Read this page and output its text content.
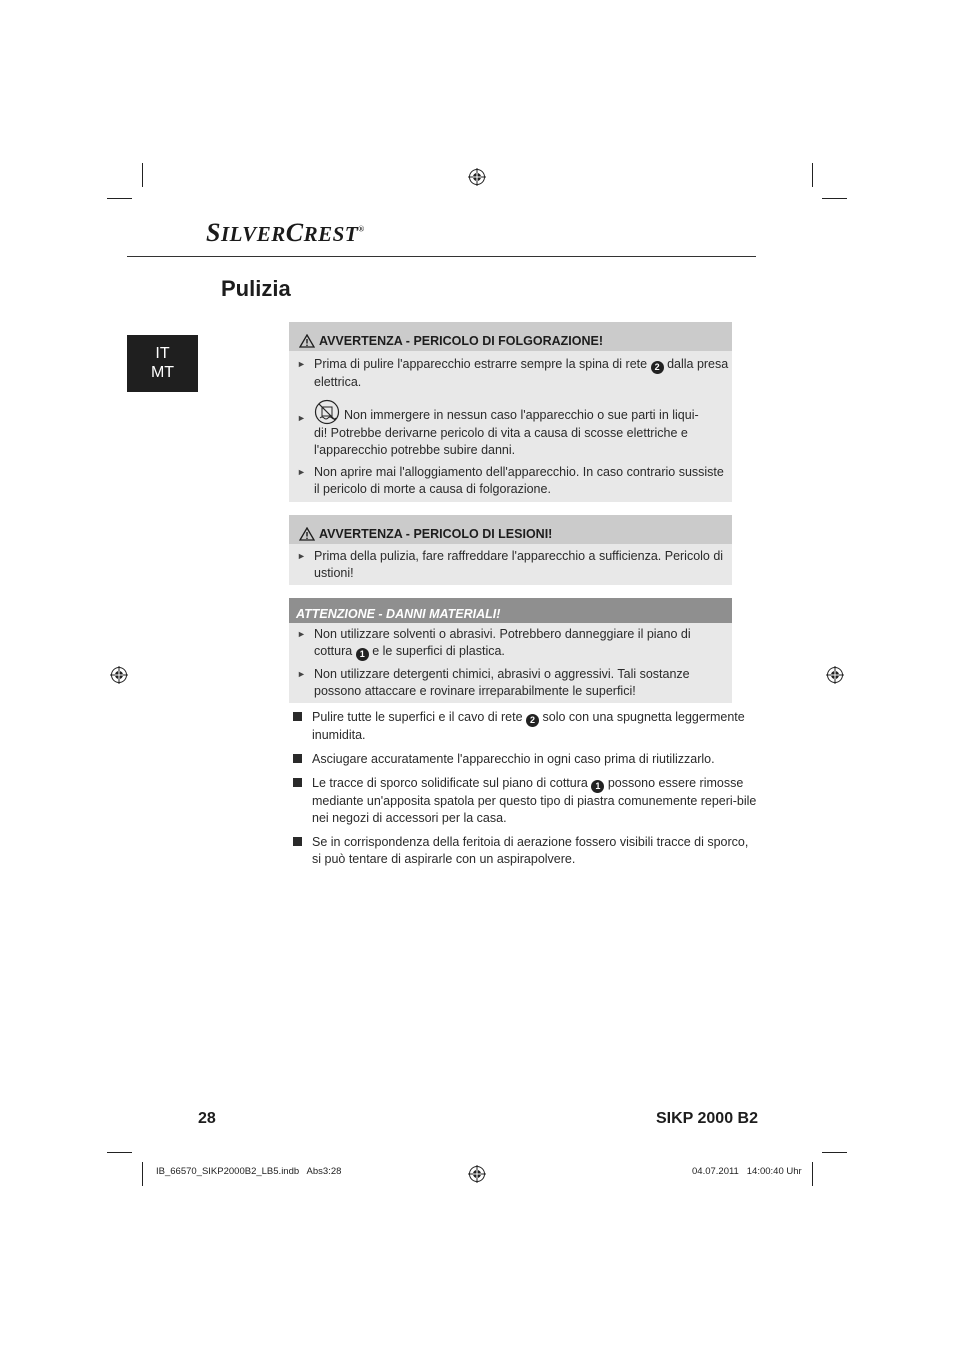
SILVERCREST®
Pulizia
IT
MT
AVVERTENZA - PERICOLO DI FOLGORAZIONE!
► Prima di pulire l'apparecchio estrarre sempre la spina di rete 2 dalla presa elettrica.
►	Non immergere in nessun caso l'apparecchio o sue parti in liqui-
di! Potrebbe derivarne pericolo di vita a causa di scosse elettriche e
l'apparecchio potrebbe subire danni.
► Non aprire mai l'alloggiamento dell'apparecchio. In caso contrario sussiste il pericolo di morte a causa di folgorazione.
AVVERTENZA - PERICOLO DI LESIONI!
► Prima della pulizia, fare raffreddare l'apparecchio a sufficienza. Pericolo di ustioni!
ATTENZIONE - DANNI MATERIALI!
► Non utilizzare solventi o abrasivi. Potrebbero danneggiare il piano di cottura 1 e le superfici di plastica.
► Non utilizzare detergenti chimici, abrasivi o aggressivi. Tali sostanze possono attaccare e rovinare irreparabilmente le superfici!
Pulire tutte le superfici e il cavo di rete 2 solo con una spugnetta leggermente inumidita.
Asciugare accuratamente l'apparecchio in ogni caso prima di riutilizzarlo.
Le tracce di sporco solidificate sul piano di cottura 1 possono essere rimosse mediante un'apposita spatola per questo tipo di piastra comunemente reperi-bile nei negozi di accessori per la casa.
Se in corrispondenza della feritoia di aerazione fossero visibili tracce di sporco, si può tentare di aspirarle con un aspirapolvere.
28	SIKP 2000 B2
IB_66570_SIKP2000B2_LB5.indb   Abs3:28	04.07.2011   14:00:40 Uhr
